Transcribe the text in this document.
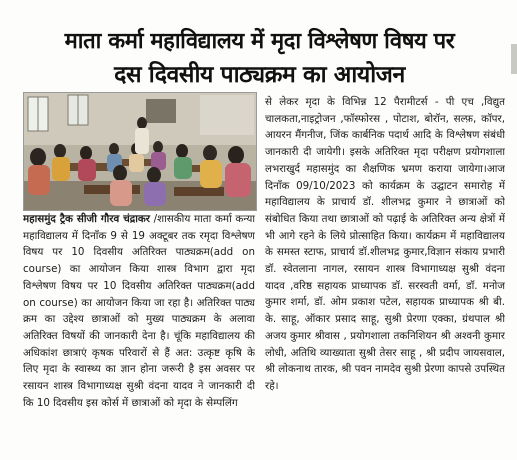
माता कर्मा महाविद्यालय में मृदा विश्लेषण विषय पर
दस दिवसीय पाठ्यक्रम का आयोजन

महासमुंद ट्रैक सीजी गौरव चंद्राकर /शासकीय माता कर्मा कन्या महाविद्यालय में दिनाँक 9 से 19 अक्टूबर तक रमृदा विश्लेषण विषय पर 10 दिवसीय अतिरिक्त पाठ्यक्रम(add on course) का आयोजन किया शास्त्र विभाग द्वारा मृदा विश्लेषण विषय पर 10 दिवसीय अतिरिक्त पाठ्यक्रम(add on course) का आयोजन किया जा रहा है। अतिरिक्त पाठ्य क्रम का उद्देश्य छात्राओं को मुख्य पाठ्यक्रम के अलावा अतिरिक्त विषयों की जानकारी देना है। चूंकि महाविद्यालय की अधिकांश छात्राएं कृषक परिवारों से हैं अत: उत्कृष्ट कृषि के लिए मृदा के स्वास्थ्य का ज्ञान होना जरूरी है इस अवसर पर रसायन शास्त्र विभागाध्यक्ष सुश्री वंदना यादव ने जानकारी दी कि 10 दिवसीय इस कोर्स में छात्राओं को मृदा के सेम्पलिंग

से लेकर मृदा के विभिन्न 12 पैरामीटर्स - पी एच ,विद्युत चालकता,नाइट्रोजन ,फॉस्फोरस , पोटाश, बोरॉन, सल्फ़, कॉपर, आयरन मैंगनीज, जिंक कार्बनिक पदार्थ आदि के विश्लेषण संबंधी जानकारी दी जायेगी। इसके अतिरिक्त मृदा परीक्षण प्रयोगशाला लभराखुर्द महासमुंद का शैक्षणिक भ्रमण कराया जायेगा।आज दिनाँक 09/10/2023 को कार्यक्रम के उद्घाटन समारोह में महाविद्यालय के प्राचार्य डॉ. शीलभद्र कुमार ने छात्राओं को संबोधित किया तथा छात्राओं को पढ़ाई के अतिरिक्त अन्य क्षेत्रों में भी आगे रहने के लिये प्रोत्साहित किया। कार्यक्रम में महाविद्यालय के समस्त स्टाफ, प्राचार्य डॉ.शीलभद्र कुमार,विज्ञान संकाय प्रभारी डॉ. स्वेतलाना नागल, रसायन शास्त्र विभागाध्यक्ष सुश्री वंदना यादव ,वरिष्ठ सहायक प्राध्यापक डॉ. सरस्वती वर्मा, डॉ. मनोज कुमार शर्मा, डॉ. ओम प्रकाश पटेल, सहायक प्राध्यापक श्री बी. के. साहू, ऑकार प्रसाद साहू, सुश्री प्रेरणा एक्का, ग्रंथपाल श्री अजय कुमार श्रीवास , प्रयोगशाला तकनिशियन श्री अश्वनी कुमार लोधी, अतिथि व्याख्याता सुश्री तेसर साहू , श्री प्रदीप जायसवाल, श्री लोकनाथ तारक, श्री पवन नामदेव सुश्री प्रेरणा कापसे उपस्थित रहे।
